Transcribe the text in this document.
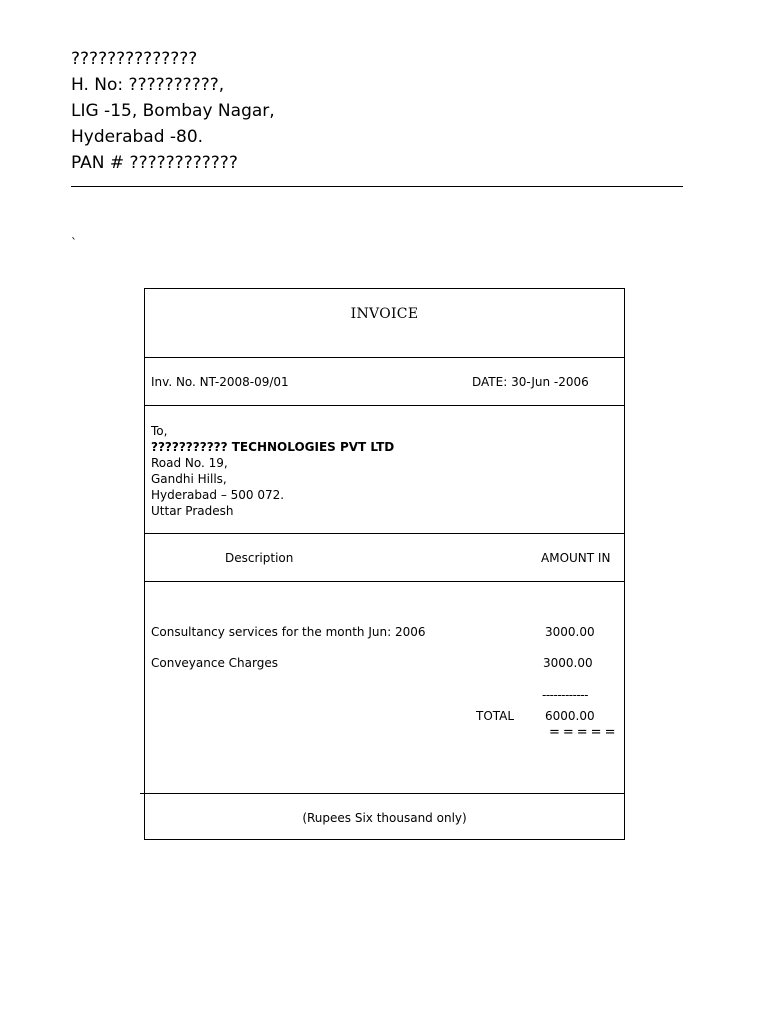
??????????????
H. No: ??????????,
LIG -15, Bombay Nagar,
Hyderabad -80.
PAN # ????????????
`
INVOICE
Inv. No. NT-2008-09/01	DATE: 30-Jun -2006
To,
??????????? TECHNOLOGIES PVT LTD
Road No. 19,
Gandhi Hills,
Hyderabad – 500 072.
Uttar Pradesh
Description	AMOUNT IN
Consultancy services for the month Jun: 2006	3000.00
Conveyance Charges	3000.00
------------
TOTAL	6000.00
=====
(Rupees Six thousand only)
